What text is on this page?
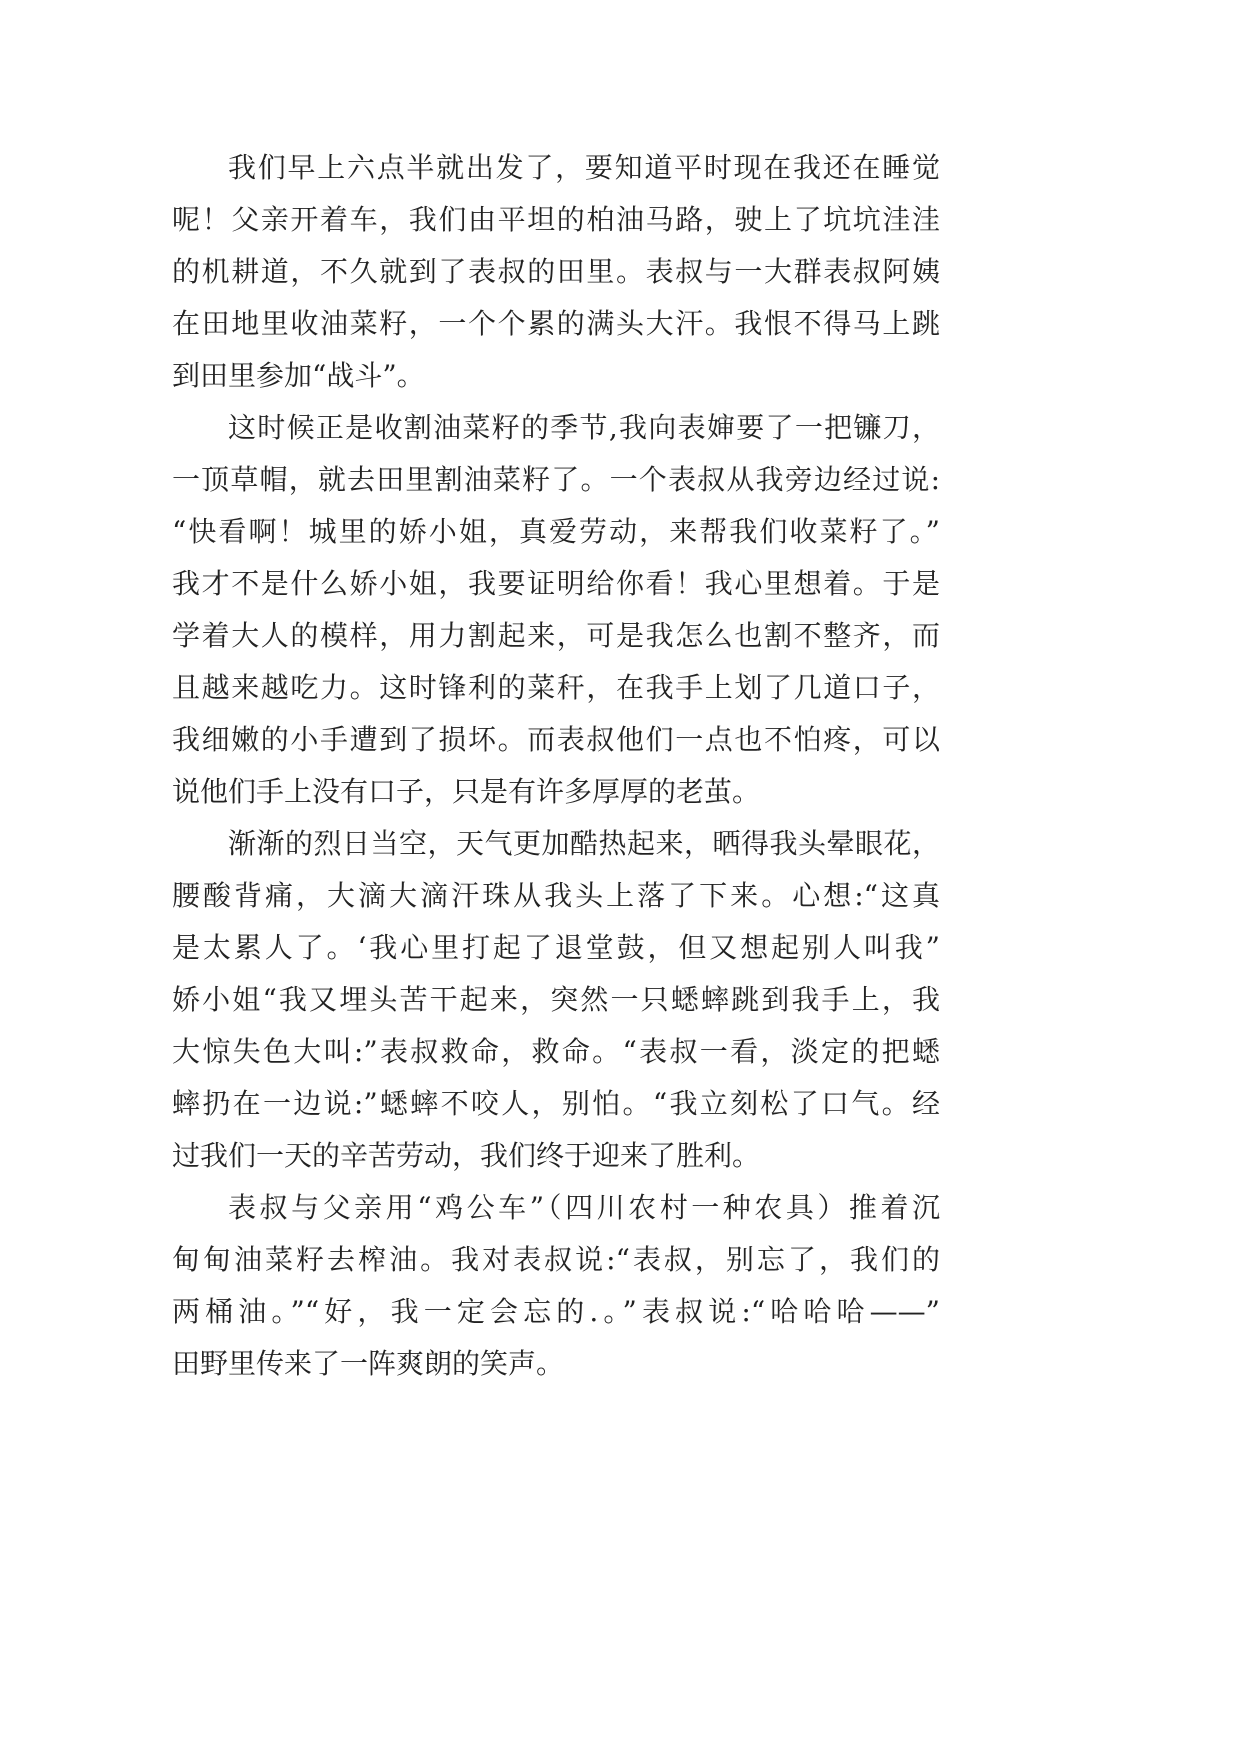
我们早上六点半就出发了，要知道平时现在我还在睡觉
呢！父亲开着车，我们由平坦的柏油马路，驶上了坑坑洼洼
的机耕道，不久就到了表叔的田里。表叔与一大群表叔阿姨
在田地里收油菜籽，一个个累的满头大汗。我恨不得马上跳
到田里参加“战斗”。
这时候正是收割油菜籽的季节,我向表婶要了一把镰刀，
一顶草帽，就去田里割油菜籽了。一个表叔从我旁边经过说:
“快看啊！城里的娇小姐，真爱劳动，来帮我们收菜籽了。”
我才不是什么娇小姐，我要证明给你看！我心里想着。于是
学着大人的模样，用力割起来，可是我怎么也割不整齐，而
且越来越吃力。这时锋利的菜秆，在我手上划了几道口子，
我细嫩的小手遭到了损坏。而表叔他们一点也不怕疼，可以
说他们手上没有口子，只是有许多厚厚的老茧。
渐渐的烈日当空，天气更加酷热起来，晒得我头晕眼花，
腰酸背痛，大滴大滴汗珠从我头上落了下来。心想:“这真
是太累人了。‘我心里打起了退堂鼓，但又想起别人叫我”
娇小姐“我又埋头苦干起来，突然一只蟋蟀跳到我手上，我
大惊失色大叫:”表叔救命，救命。“表叔一看，淡定的把蟋
蟀扔在一边说:”蟋蟀不咬人，别怕。“我立刻松了口气。经
过我们一天的辛苦劳动，我们终于迎来了胜利。
表叔与父亲用“鸡公车”（四川农村一种农具）推着沉
甸甸油菜籽去榨油。我对表叔说:“表叔，别忘了，我们的
两桶油。”“好，我一定会忘的.。”表叔说:“哈哈哈——”
田野里传来了一阵爽朗的笑声。
